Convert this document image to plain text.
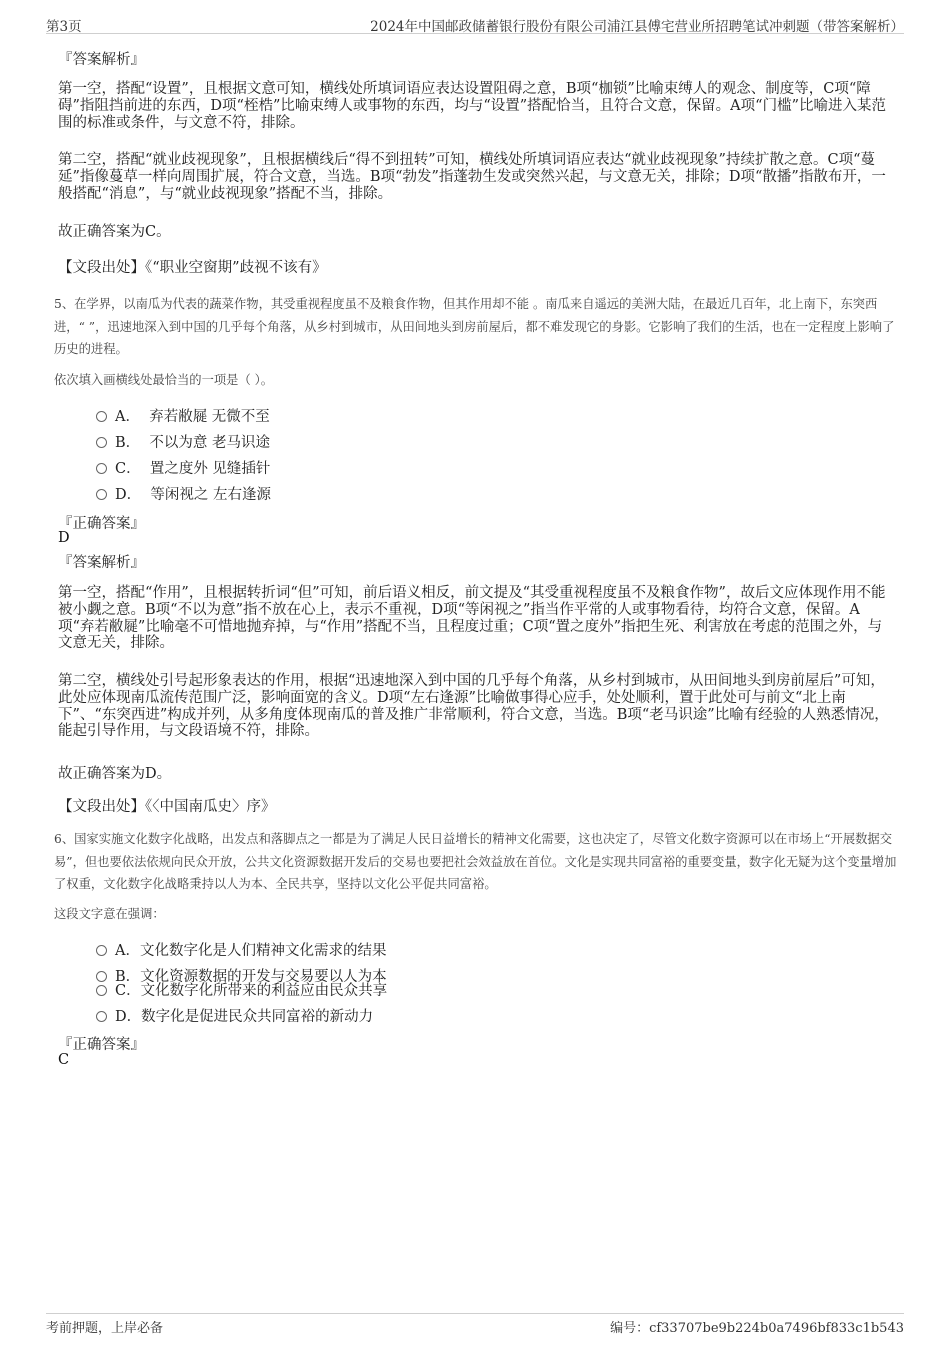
第3页	2024年中国邮政储蓄银行股份有限公司浦江县傅宅营业所招聘笔试冲刺题（带答案解析）
『答案解析』
第一空，搭配“设置”，且根据文意可知，横线处所填词语应表达设置阻碍之意，B项“枷锁”比喻束缚人的观念、制度等，C项“障碍”指阻挡前进的东西，D项“桎梏”比喻束缚人或事物的东西，均与“设置”搭配恰当，且符合文意，保留。A项“门槛”比喻进入某范围的标准或条件，与文意不符，排除。
第二空，搭配“就业歧视现象”，且根据横线后“得不到扭转”可知，横线处所填词语应表达“就业歧视现象”持续扩散之意。C项“蔓延”指像蔓草一样向周围扩展，符合文意，当选。B项“勃发”指蓬勃生发或突然兴起，与文意无关，排除；D项“散播”指散布开，一般搭配“消息”，与“就业歧视现象”搭配不当，排除。
故正确答案为C。
【文段出处】《“职业空窗期”歧视不该有》
5、在学界，以南瓜为代表的蔬菜作物，其受重视程度虽不及粮食作物，但其作用却不能 。南瓜来自遥远的美洲大陆，在最近几百年，北上南下，东突西进，“ ”，迅速地深入到中国的几乎每个角落，从乡村到城市，从田间地头到房前屋后，都不难发现它的身影。它影响了我们的生活，也在一定程度上影响了历史的进程。
依次填入画横线处最恰当的一项是（ ）。
A． 弃若敝屣 无微不至
B． 不以为意 老马识途
C． 置之度外 见缝插针
D． 等闲视之 左右逢源
『正确答案』
D
『答案解析』
第一空，搭配“作用”，且根据转折词“但”可知，前后语义相反，前文提及“其受重视程度虽不及粮食作物”，故后文应体现作用不能被小觑之意。B项“不以为意”指不放在心上，表示不重视，D项“等闲视之”指当作平常的人或事物看待，均符合文意，保留。A项“弃若敝屣”比喻毫不可惜地抛弃掉，与“作用”搭配不当，且程度过重；C项“置之度外”指把生死、利害放在考虑的范围之外，与文意无关，排除。
第二空，横线处引号起形象表达的作用，根据“迅速地深入到中国的几乎每个角落，从乡村到城市，从田间地头到房前屋后”可知，此处应体现南瓜流传范围广泛，影响面宽的含义。D项“左右逢源”比喻做事得心应手，处处顺利，置于此处可与前文“北上南下”、“东突西进”构成并列，从多角度体现南瓜的普及推广非常顺利，符合文意，当选。B项“老马识途”比喻有经验的人熟悉情况，能起引导作用，与文段语境不符，排除。
故正确答案为D。
【文段出处】《〈中国南瓜史〉序》
6、国家实施文化数字化战略，出发点和落脚点之一都是为了满足人民日益增长的精神文化需要，这也决定了，尽管文化数字资源可以在市场上“开展数据交易”，但也要依法依规向民众开放，公共文化资源数据开发后的交易也要把社会效益放在首位。文化是实现共同富裕的重要变量，数字化无疑为这个变量增加了权重，文化数字化战略秉持以人为本、全民共享，坚持以文化公平促共同富裕。
这段文字意在强调：
A．文化数字化是人们精神文化需求的结果
B．文化资源数据的开发与交易要以人为本
C．文化数字化所带来的利益应由民众共享
D．数字化是促进民众共同富裕的新动力
『正确答案』
C
考前押题，上岸必备	编号：cf33707be9b224b0a7496bf833c1b543
